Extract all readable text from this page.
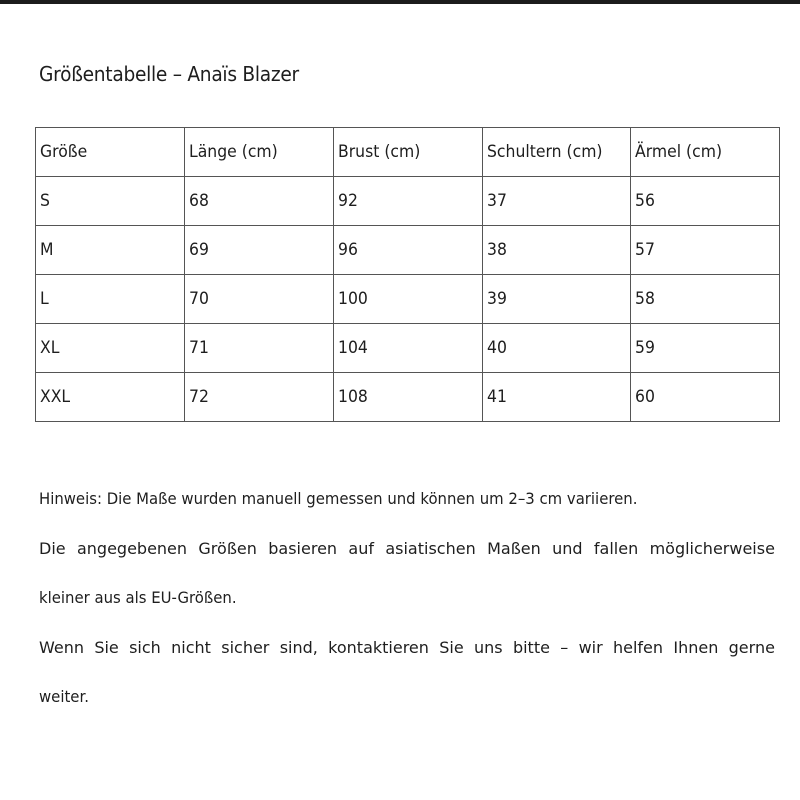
Größentabelle – Anaïs Blazer
Größe	Länge (cm)	Brust (cm)	Schultern (cm)	Ärmel (cm)
S	68	92	37	56
M	69	96	38	57
L	70	100	39	58
XL	71	104	40	59
XXL	72	108	41	60
Hinweis: Die Maße wurden manuell gemessen und können um 2–3 cm variieren.
Die angegebenen Größen basieren auf asiatischen Maßen und fallen möglicherweise
kleiner aus als EU-Größen.
Wenn Sie sich nicht sicher sind, kontaktieren Sie uns bitte – wir helfen Ihnen gerne
weiter.
